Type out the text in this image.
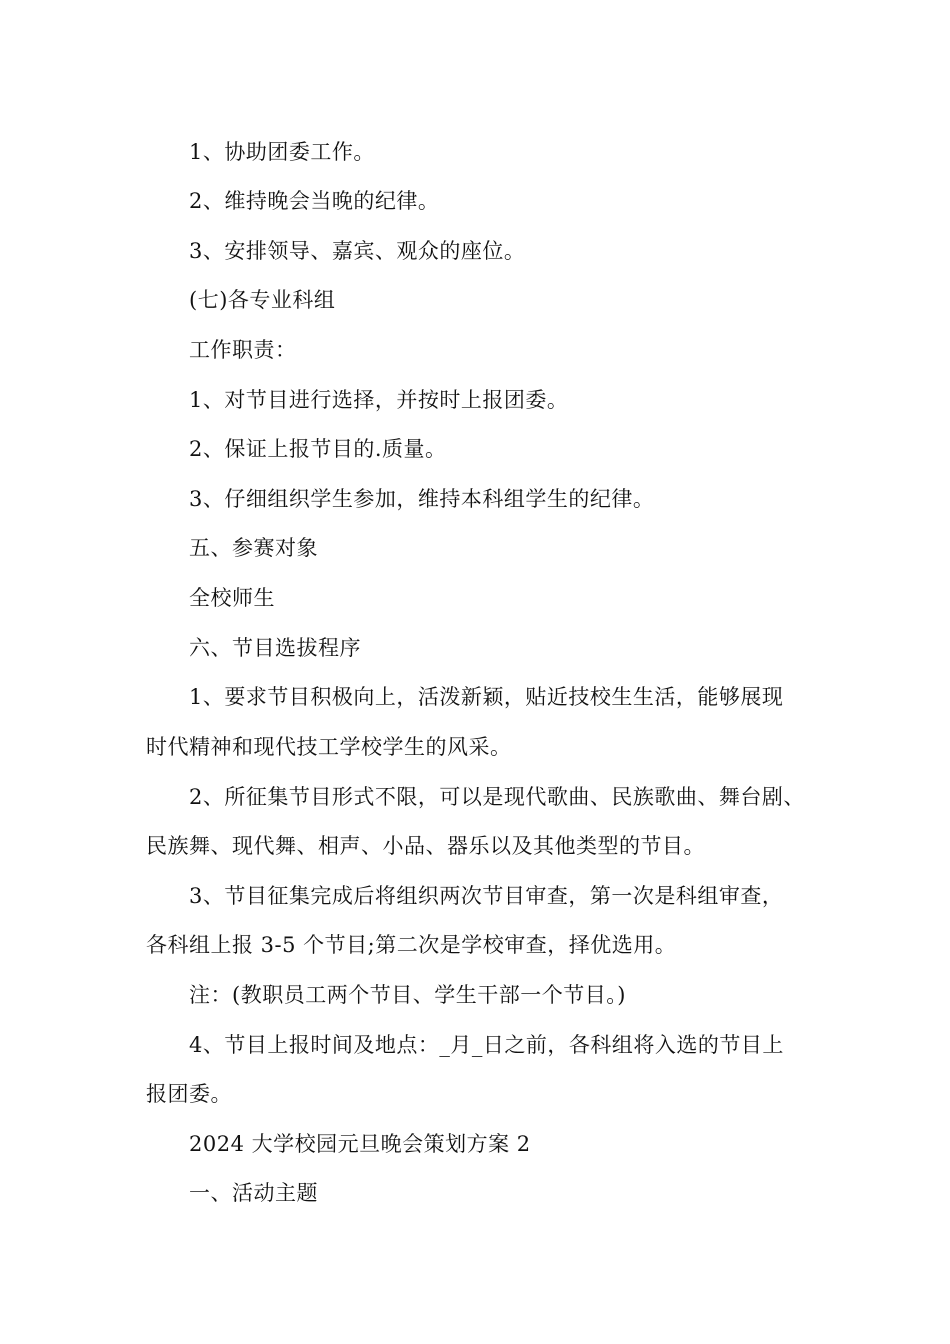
1、协助团委工作。
2、维持晚会当晚的纪律。
3、安排领导、嘉宾、观众的座位。
(七)各专业科组
工作职责：
1、对节目进行选择，并按时上报团委。
2、保证上报节目的.质量。
3、仔细组织学生参加，维持本科组学生的纪律。
五、参赛对象
全校师生
六、节目选拔程序
1、要求节目积极向上，活泼新颖，贴近技校生生活，能够展现
时代精神和现代技工学校学生的风采。
2、所征集节目形式不限，可以是现代歌曲、民族歌曲、舞台剧、
民族舞、现代舞、相声、小品、器乐以及其他类型的节目。
3、节目征集完成后将组织两次节目审查，第一次是科组审查，
各科组上报 3-5 个节目;第二次是学校审查，择优选用。
注：(教职员工两个节目、学生干部一个节目。)
4、节目上报时间及地点：_月_日之前，各科组将入选的节目上
报团委。
2024 大学校园元旦晚会策划方案 2
一、活动主题
